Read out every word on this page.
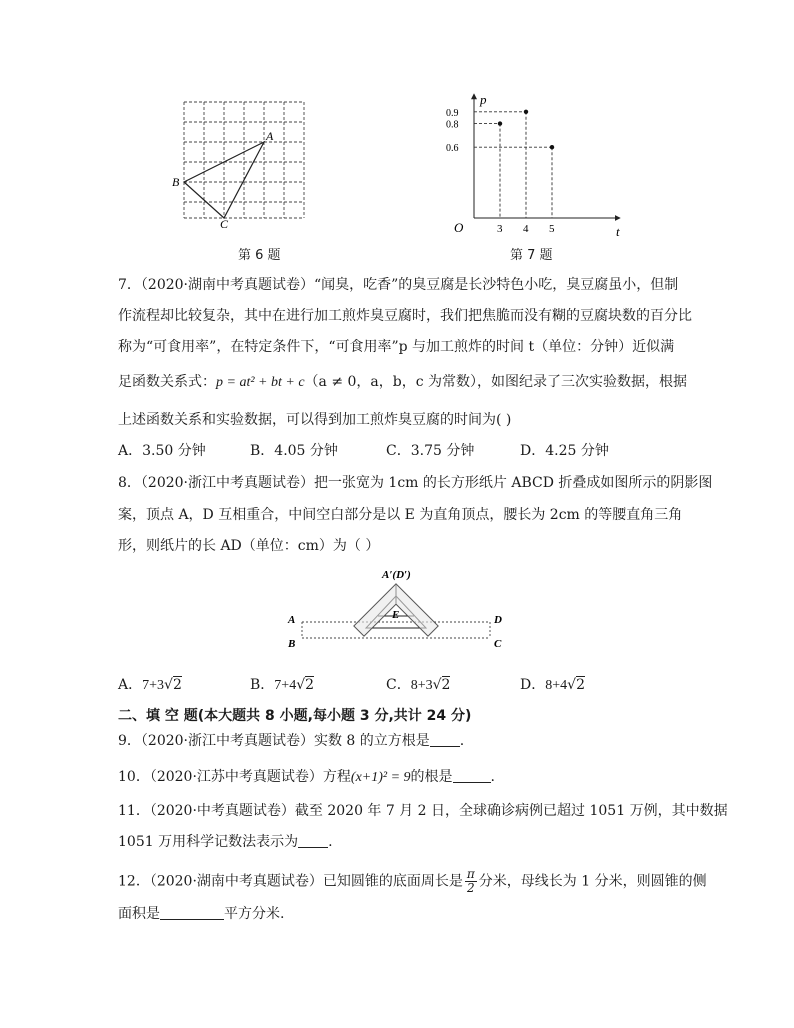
A
B
C
第 6 题
p
t
O
0.8
3
0.9
4
0.6
5
第 7 题
7．（2020·湖南中考真题试卷）“闻臭，吃香”的臭豆腐是长沙特色小吃，臭豆腐虽小，但制
作流程却比较复杂，其中在进行加工煎炸臭豆腐时，我们把焦脆而没有糊的豆腐块数的百分比
称为“可食用率”，在特定条件下，“可食用率”p 与加工煎炸的时间 t（单位：分钟）近似满
足函数关系式：p = at² + bt + c（a ≠ 0，a，b，c 为常数），如图纪录了三次实验数据，根据
上述函数关系和实验数据，可以得到加工煎炸臭豆腐的时间为( )
A．3.50 分钟	B．4.05 分钟	C．3.75 分钟	D．4.25 分钟
8．（2020·浙江中考真题试卷）把一张宽为 1cm 的长方形纸片 ABCD 折叠成如图所示的阴影图
案，顶点 A，D 互相重合，中间空白部分是以 E 为直角顶点，腰长为 2cm 的等腰直角三角
形，则纸片的长 AD（单位：cm）为（ ）
A′(D′)
A
B
D
C
E
A．7+3√2	B．7+4√2	C．8+3√2	D．8+4√2
二、填 空 题(本大题共 8 小题,每小题 3 分,共计 24 分)
9．（2020·浙江中考真题试卷）实数 8 的立方根是 .
10．（2020·江苏中考真题试卷）方程(x+1)² = 9的根是	.
11．（2020·中考真题试卷）截至 2020 年 7 月 2 日，全球确诊病例已超过 1051 万例，其中数据
1051 万用科学记数法表示为 .
12．（2020·湖南中考真题试卷）已知圆锥的底面周长是 $\frac{\pi}{2}$ 分米，母线长为 1 分米，则圆锥的侧
面积是	平方分米.
